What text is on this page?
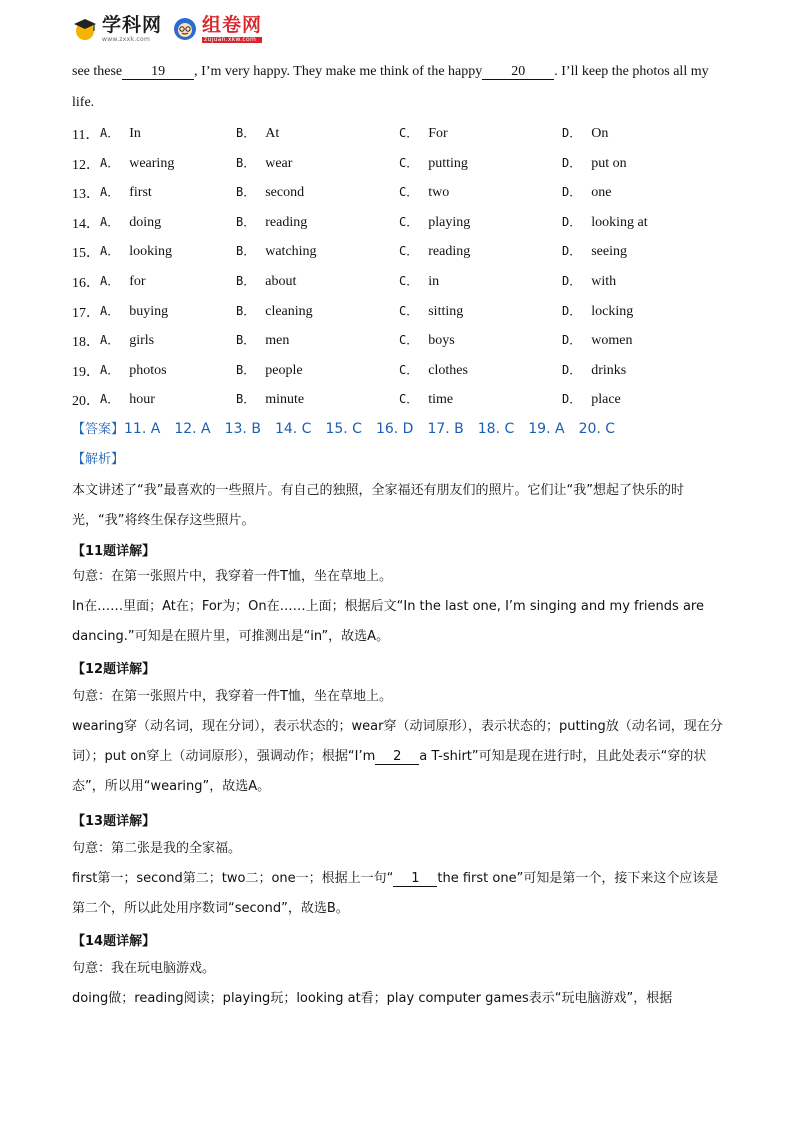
学科网
www.zxxk.com
组卷网
zujuan.xkw.com
see these 19 , I’m very happy. They make me think of the happy 20 . I’ll keep the photos all my
life.
11． A． In	B． At	C． For	D． On
12． A． wearing	B． wear	C． putting	D． put on
13． A． first	B． second	C． two	D． one
14． A． doing	B． reading	C． playing	D． looking at
15． A． looking	B． watching	C． reading	D． seeing
16． A． for	B． about	C． in	D． with
17． A． buying	B． cleaning	C． sitting	D． locking
18． A． girls	B． men	C． boys	D． women
19． A． photos	B． people	C． clothes	D． drinks
20． A． hour	B． minute	C． time	D． place
【答案】11. A 12. A 13. B 14. C 15. C 16. D 17. B 18. C 19. A 20. C
【解析】
本文讲述了“我”最喜欢的一些照片。有自己的独照，全家福还有朋友们的照片。它们让“我”想起了快乐的时光，“我”将终生保存这些照片。
【11题详解】
句意：在第一张照片中，我穿着一件T恤，坐在草地上。
In在……里面；At在；For为；On在……上面；根据后文“In the last one, I’m singing and my friends are dancing.”可知是在照片里，可推测出是“in”，故选A。
【12题详解】
句意：在第一张照片中，我穿着一件T恤，坐在草地上。
wearing穿（动名词，现在分词），表示状态的；wear穿（动词原形），表示状态的；putting放（动名词，现在分词）；put on穿上（动词原形），强调动作；根据“I’m 2 a T-shirt”可知是现在进行时，且此处表示“穿的状态”，所以用“wearing”，故选A。
【13题详解】
句意：第二张是我的全家福。
first第一；second第二；two二；one一；根据上一句“ 1 the first one”可知是第一个，接下来这个应该是第二个，所以此处用序数词“second”，故选B。
【14题详解】
句意：我在玩电脑游戏。
doing做；reading阅读；playing玩；looking at看；play computer games表示“玩电脑游戏”，根据
